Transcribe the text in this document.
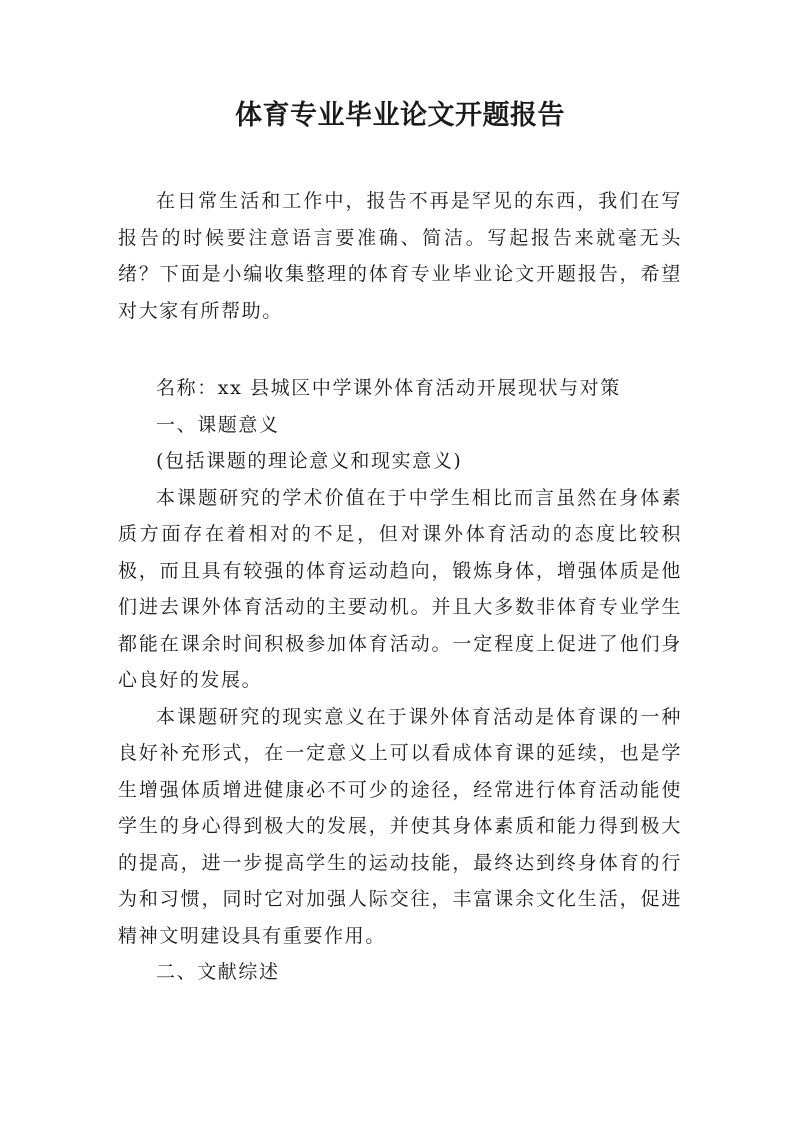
体育专业毕业论文开题报告

在日常生活和工作中，报告不再是罕见的东西，我们在写报告的时候要注意语言要准确、简洁。写起报告来就毫无头绪？下面是小编收集整理的体育专业毕业论文开题报告，希望对大家有所帮助。

名称：xx 县城区中学课外体育活动开展现状与对策

一、课题意义

(包括课题的理论意义和现实意义)

本课题研究的学术价值在于中学生相比而言虽然在身体素质方面存在着相对的不足，但对课外体育活动的态度比较积极，而且具有较强的体育运动趋向，锻炼身体，增强体质是他们进去课外体育活动的主要动机。并且大多数非体育专业学生都能在课余时间积极参加体育活动。一定程度上促进了他们身心良好的发展。

本课题研究的现实意义在于课外体育活动是体育课的一种良好补充形式，在一定意义上可以看成体育课的延续，也是学生增强体质增进健康必不可少的途径，经常进行体育活动能使学生的身心得到极大的发展，并使其身体素质和能力得到极大的提高，进一步提高学生的运动技能，最终达到终身体育的行为和习惯，同时它对加强人际交往，丰富课余文化生活，促进精神文明建设具有重要作用。

二、文献综述
